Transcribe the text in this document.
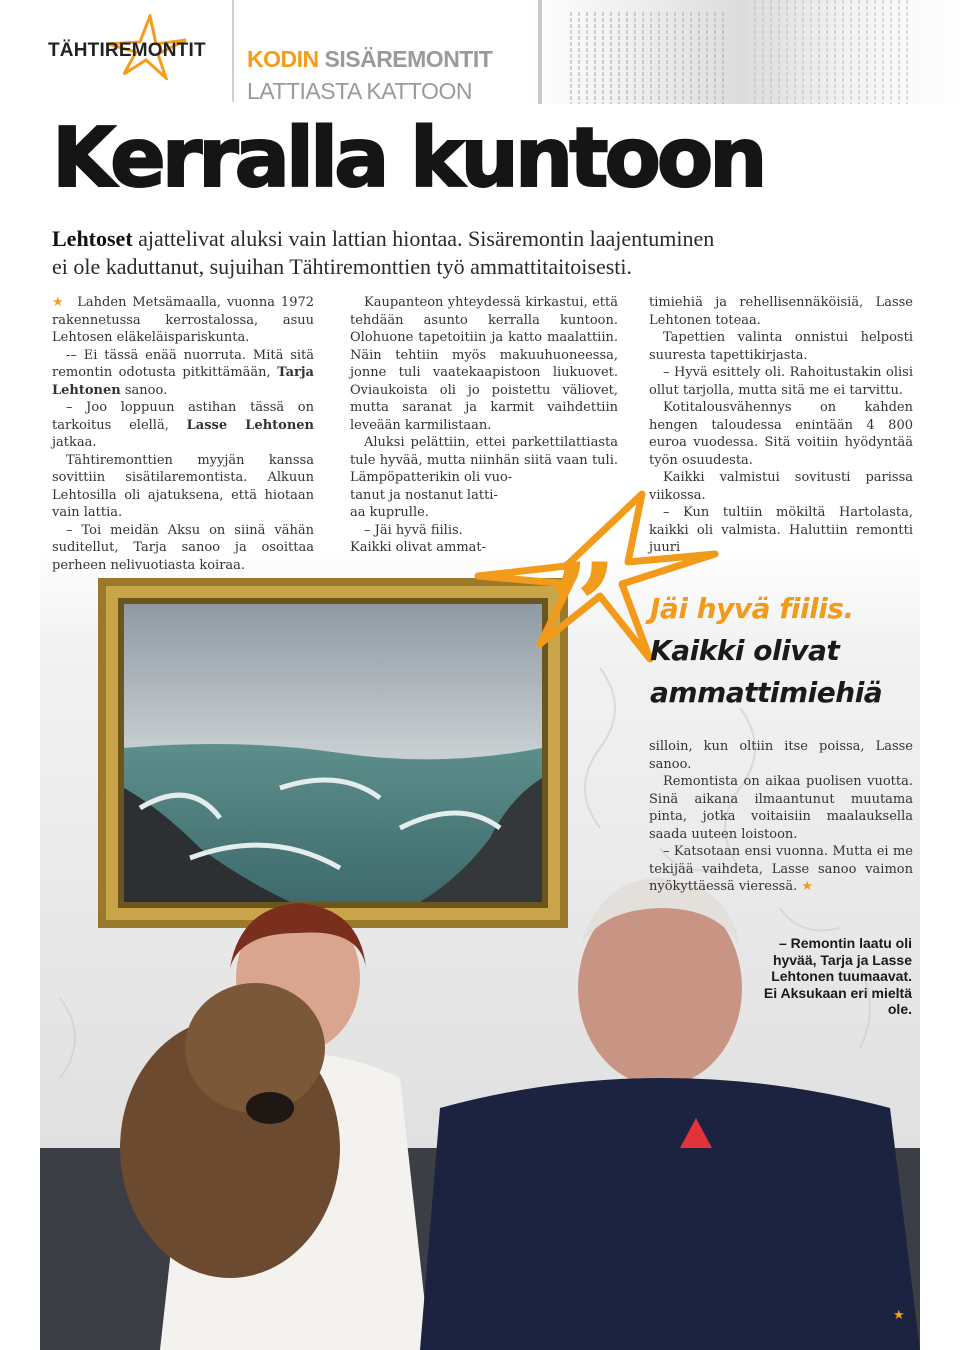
TÄHTIREMONTIT KODIN SISÄREMONTIT
LATTIASTA KATTOON
Kerralla kuntoon
Lehtoset ajattelivat aluksi vain lattian hiontaa. Sisäremontin laajentuminen
ei ole kaduttanut, sujuihan Tähtiremonttien työ ammattitaitoisesti.
” Jäi hyvä fiilis.
Kaikki olivat ammattimiehiä

★ Lahden Metsämaalla, vuonna 1972 rakennetussa kerrostalossa, asuu Lehtosen eläkeläispariskunta.

-– Ei tässä enää nuorruta. Mitä sitä remontin odotusta pitkittämään, Tarja Lehtonen sanoo.

– Joo loppuun astihan tässä on tarkoitus elellä, Lasse Lehtonen jatkaa.

Tähtiremonttien myyjän kanssa sovittiin sisätilaremontista. Alkuun Lehtosilla oli ajatuksena, että hiotaan vain lattia.

– Toi meidän Aksu on siinä vähän suditellut, Tarja sanoo ja osoittaa perheen nelivuotiasta koiraa.

Kaupanteon yhteydessä kirkastui, että tehdään asunto kerralla kuntoon. Olohuone tapetoitiin ja katto maalattiin. Näin tehtiin myös makuuhuoneessa, jonne tuli vaatekaapistoon liukuovet. Oviaukoista oli jo poistettu väliovet, mutta saranat ja karmit vaihdettiin leveään karmilistaan.

Aluksi pelättiin, ettei parkettilattiasta tule hyvää, mutta niinhän siitä vaan tuli. Lämpöpatterikin oli vuo-

tanut ja nostanut latti-

aa kuprulle.

– Jäi hyvä fiilis.

Kaikki olivat ammat-

timiehiä ja rehellisennäköisiä, Lasse Lehtonen toteaa.

Tapettien valinta onnistui helposti suuresta tapettikirjasta.

– Hyvä esittely oli. Rahoitustakin olisi ollut tarjolla, mutta sitä me ei tarvittu.

Kotitalousvähennys on kahden hengen taloudessa enintään 4 800 euroa vuodessa. Sitä voitiin hyödyntää työn osuudesta.

Kaikki valmistui sovitusti parissa viikossa.

– Kun tultiin mökiltä Hartolasta, kaikki oli valmista. Haluttiin remontti juuri

silloin, kun oltiin itse poissa, Lasse sanoo.

Remontista on aikaa puolisen vuotta. Sinä aikana ilmaantunut muutama pinta, jotka voitaisiin maalauksella saada uuteen loistoon.

– Katsotaan ensi vuonna. Mutta ei me tekijää vaihdeta, Lasse sanoo vaimon nyökyttäessä vieressä. ★

– Remontin laatu oli hyvää, Tarja ja Lasse Lehtonen tuumaavat. Ei Aksukaan eri mieltä ole.
★ 3
